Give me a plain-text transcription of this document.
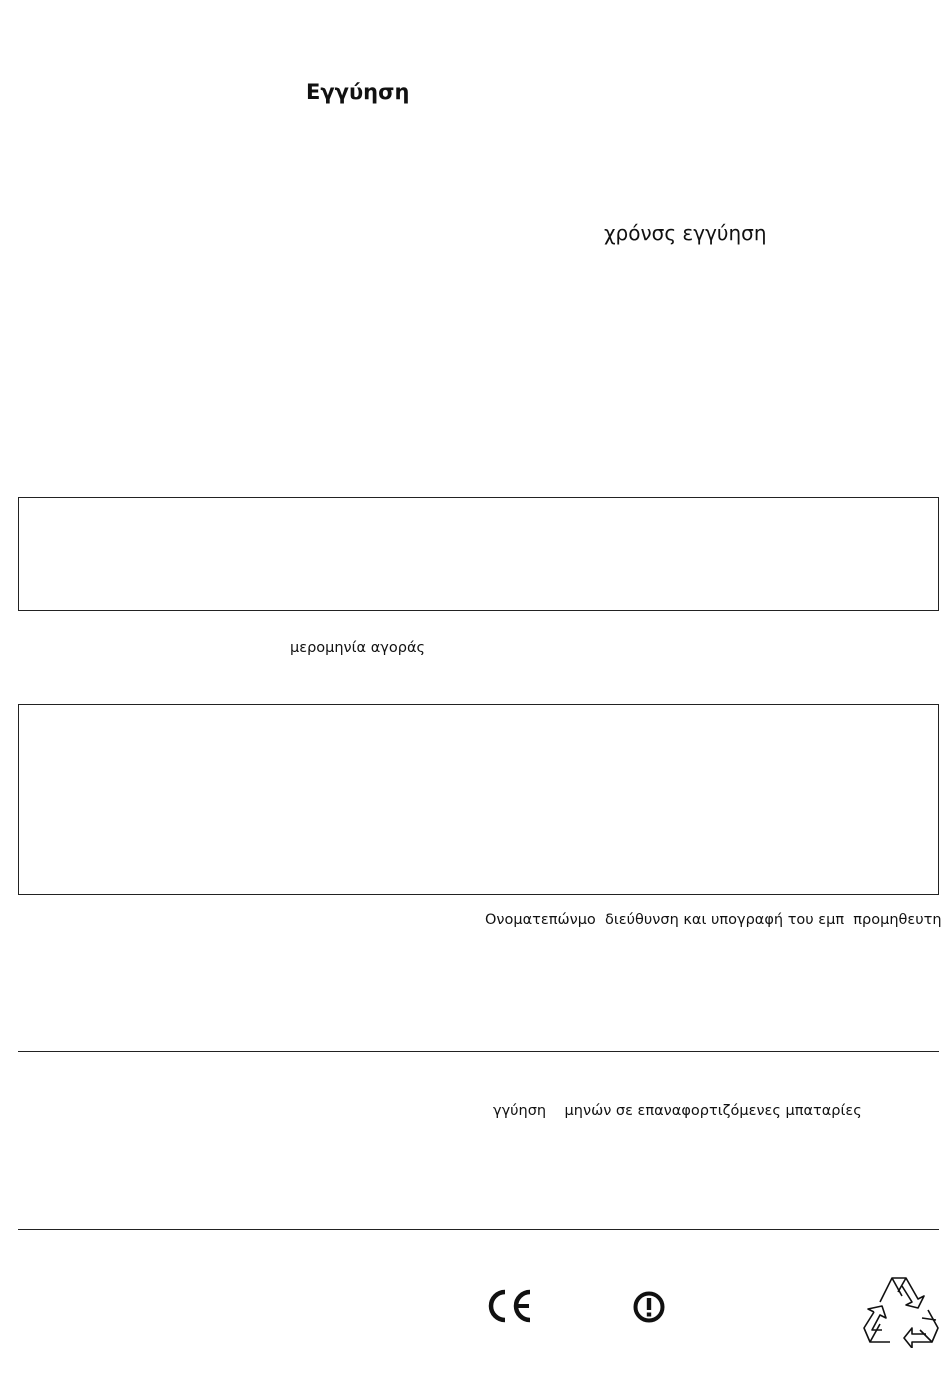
Εγγύηση
χρόνσς εγγύηση
μερομηνία αγοράς
Ονοματεπώνμο  διεύθυνση και υπογραφή του εμπ  προμηθευτη
γγύηση    μηνών σε επαναφορτιζόμενες μπαταρίες
